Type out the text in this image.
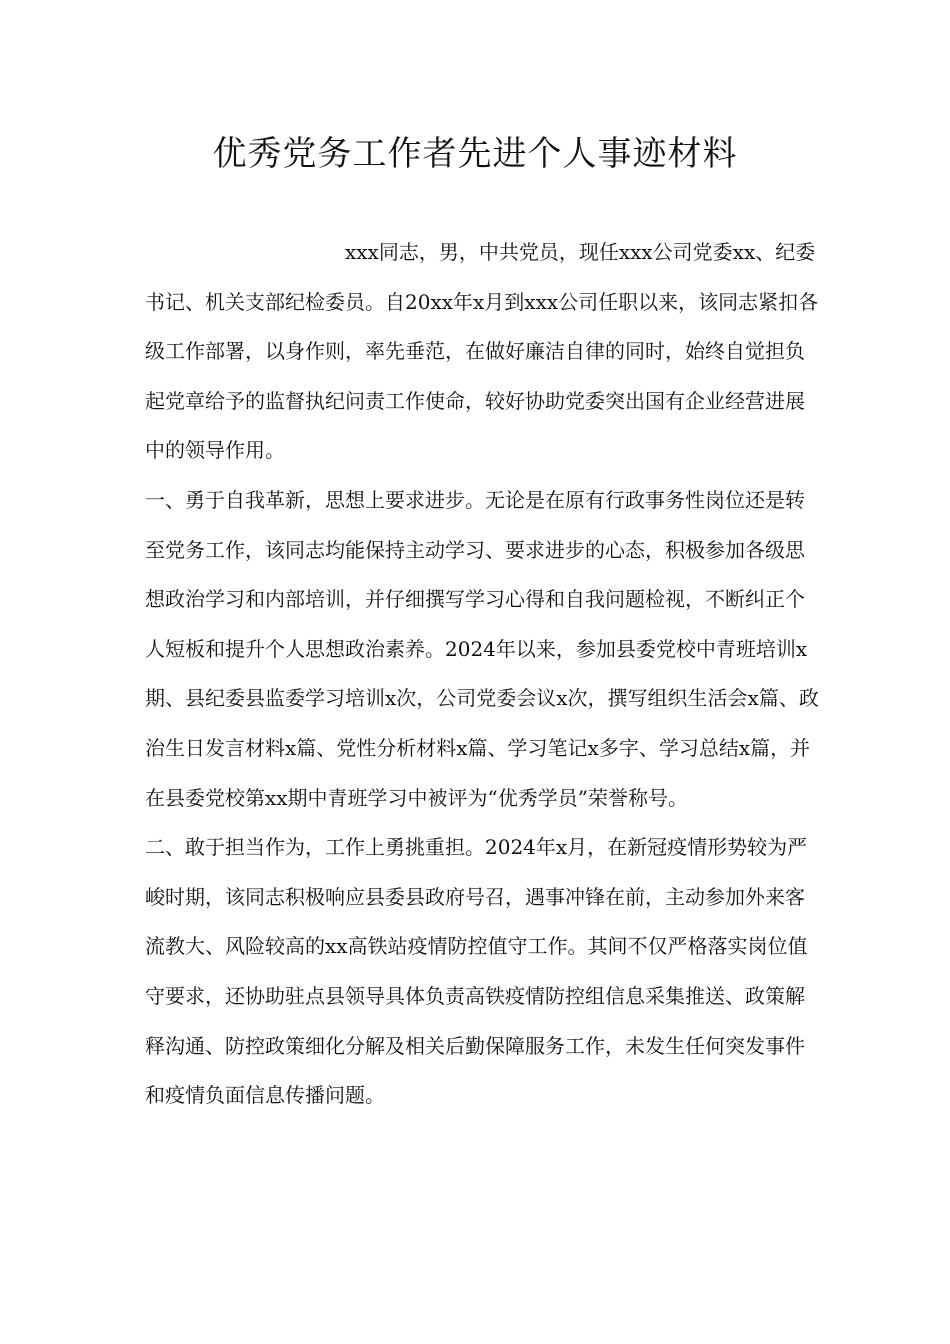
优秀党务工作者先进个人事迹材料

xxx同志，男，中共党员，现任xxx公司党委xx、纪委书记、机关支部纪检委员。自20xx年x月到xxx公司任职以来，该同志紧扣各级工作部署，以身作则，率先垂范，在做好廉洁自律的同时，始终自觉担负起党章给予的监督执纪问责工作使命，较好协助党委突出国有企业经营进展中的领导作用。

一、勇于自我革新，思想上要求进步。无论是在原有行政事务性岗位还是转至党务工作，该同志均能保持主动学习、要求进步的心态，积极参加各级思想政治学习和内部培训，并仔细撰写学习心得和自我问题检视，不断纠正个人短板和提升个人思想政治素养。2024年以来，参加县委党校中青班培训x期、县纪委县监委学习培训x次，公司党委会议x次，撰写组织生活会x篇、政治生日发言材料x篇、党性分析材料x篇、学习笔记x多字、学习总结x篇，并在县委党校第xx期中青班学习中被评为“优秀学员”荣誉称号。

二、敢于担当作为，工作上勇挑重担。2024年x月，在新冠疫情形势较为严峻时期，该同志积极响应县委县政府号召，遇事冲锋在前，主动参加外来客流教大、风险较高的xx高铁站疫情防控值守工作。其间不仅严格落实岗位值守要求，还协助驻点县领导具体负责高铁疫情防控组信息采集推送、政策解释沟通、防控政策细化分解及相关后勤保障服务工作，未发生任何突发事件和疫情负面信息传播问题。
